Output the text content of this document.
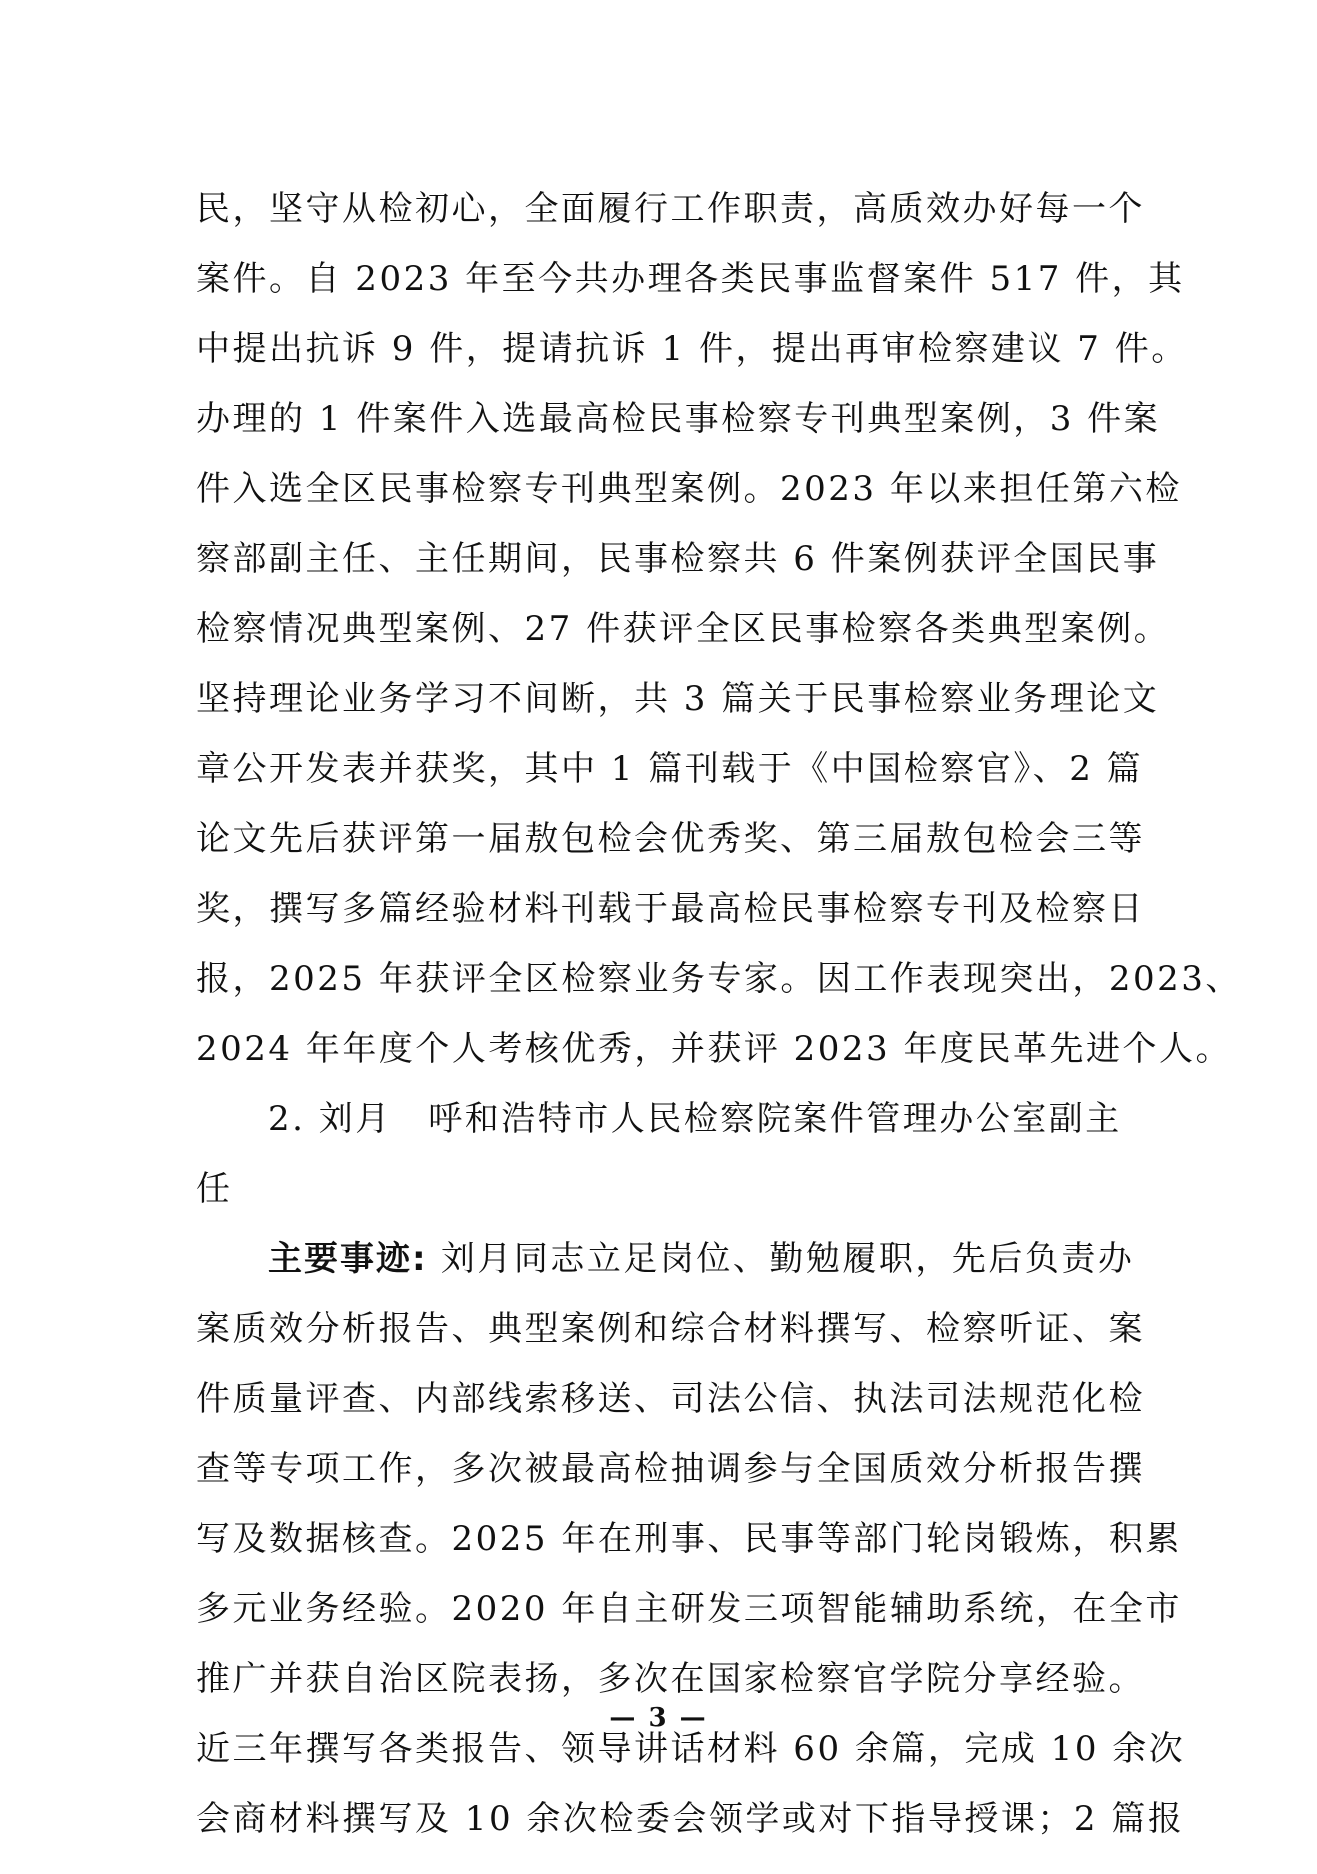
民，坚守从检初心，全面履行工作职责，高质效办好每一个
案件。自 2023 年至今共办理各类民事监督案件 517 件，其
中提出抗诉 9 件，提请抗诉 1 件，提出再审检察建议 7 件。
办理的 1 件案件入选最高检民事检察专刊典型案例，3 件案
件入选全区民事检察专刊典型案例。2023 年以来担任第六检
察部副主任、主任期间，民事检察共 6 件案例获评全国民事
检察情况典型案例、27 件获评全区民事检察各类典型案例。
坚持理论业务学习不间断，共 3 篇关于民事检察业务理论文
章公开发表并获奖，其中 1 篇刊载于《中国检察官》、2 篇
论文先后获评第一届敖包检会优秀奖、第三届敖包检会三等
奖，撰写多篇经验材料刊载于最高检民事检察专刊及检察日
报，2025 年获评全区检察业务专家。因工作表现突出，2023、
2024 年年度个人考核优秀，并获评 2023 年度民革先进个人。
2. 刘月　呼和浩特市人民检察院案件管理办公室副主
任
主要事迹: 刘月同志立足岗位、勤勉履职，先后负责办
案质效分析报告、典型案例和综合材料撰写、检察听证、案
件质量评查、内部线索移送、司法公信、执法司法规范化检
查等专项工作，多次被最高检抽调参与全国质效分析报告撰
写及数据核查。2025 年在刑事、民事等部门轮岗锻炼，积累
多元业务经验。2020 年自主研发三项智能辅助系统，在全市
推广并获自治区院表扬，多次在国家检察官学院分享经验。
近三年撰写各类报告、领导讲话材料 60 余篇，完成 10 余次
会商材料撰写及 10 余次检委会领学或对下指导授课；2 篇报
— 3 —
